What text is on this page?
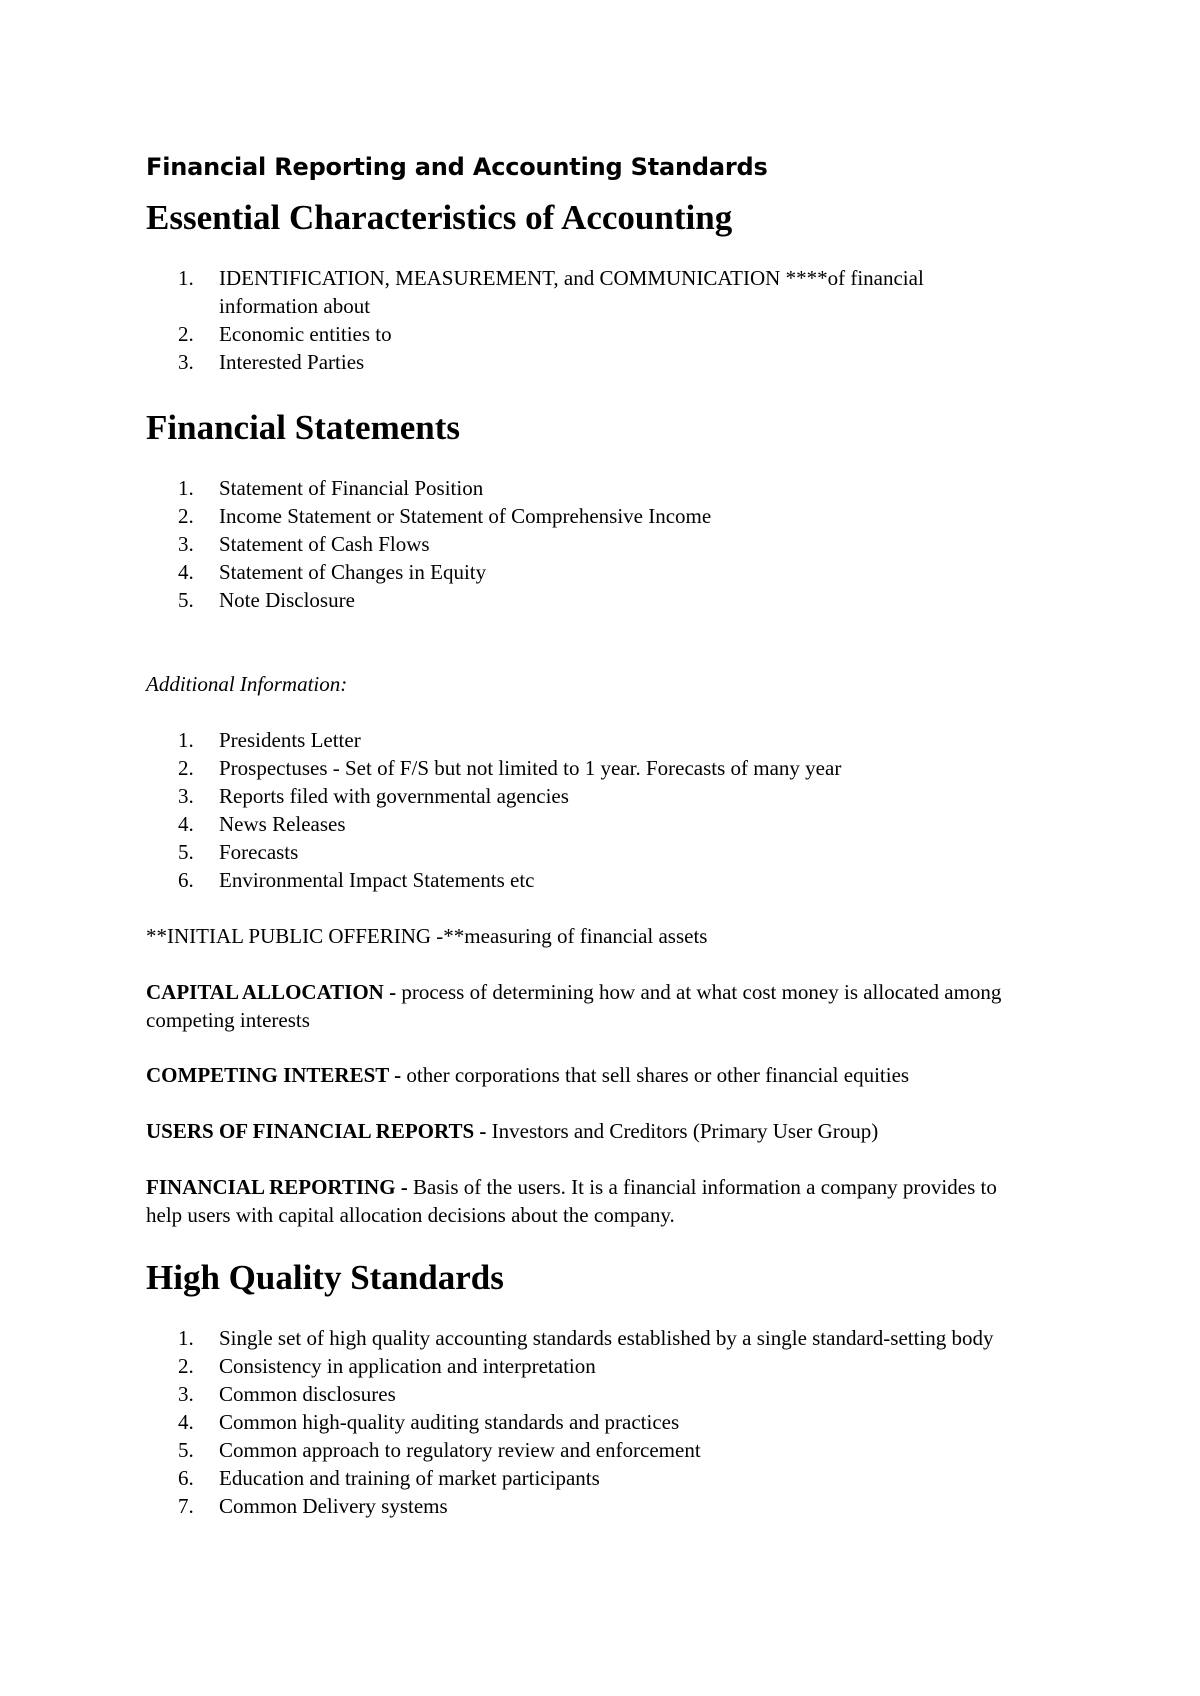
Financial Reporting and Accounting Standards
Essential Characteristics of Accounting
1. IDENTIFICATION, MEASUREMENT, and COMMUNICATION ****of financial information about
2. Economic entities to
3. Interested Parties
Financial Statements
1. Statement of Financial Position
2. Income Statement or Statement of Comprehensive Income
3. Statement of Cash Flows
4. Statement of Changes in Equity
5. Note Disclosure

Additional Information:

1. Presidents Letter
2. Prospectuses - Set of F/S but not limited to 1 year. Forecasts of many year
3. Reports filed with governmental agencies
4. News Releases
5. Forecasts
6. Environmental Impact Statements etc

**INITIAL PUBLIC OFFERING -**measuring of financial assets

CAPITAL ALLOCATION - process of determining how and at what cost money is allocated among competing interests

COMPETING INTEREST - other corporations that sell shares or other financial equities

USERS OF FINANCIAL REPORTS - Investors and Creditors (Primary User Group)

FINANCIAL REPORTING - Basis of the users. It is a financial information a company provides to help users with capital allocation decisions about the company.

High Quality Standards
1. Single set of high quality accounting standards established by a single standard-setting body
2. Consistency in application and interpretation
3. Common disclosures
4. Common high-quality auditing standards and practices
5. Common approach to regulatory review and enforcement
6. Education and training of market participants
7. Common Delivery systems
